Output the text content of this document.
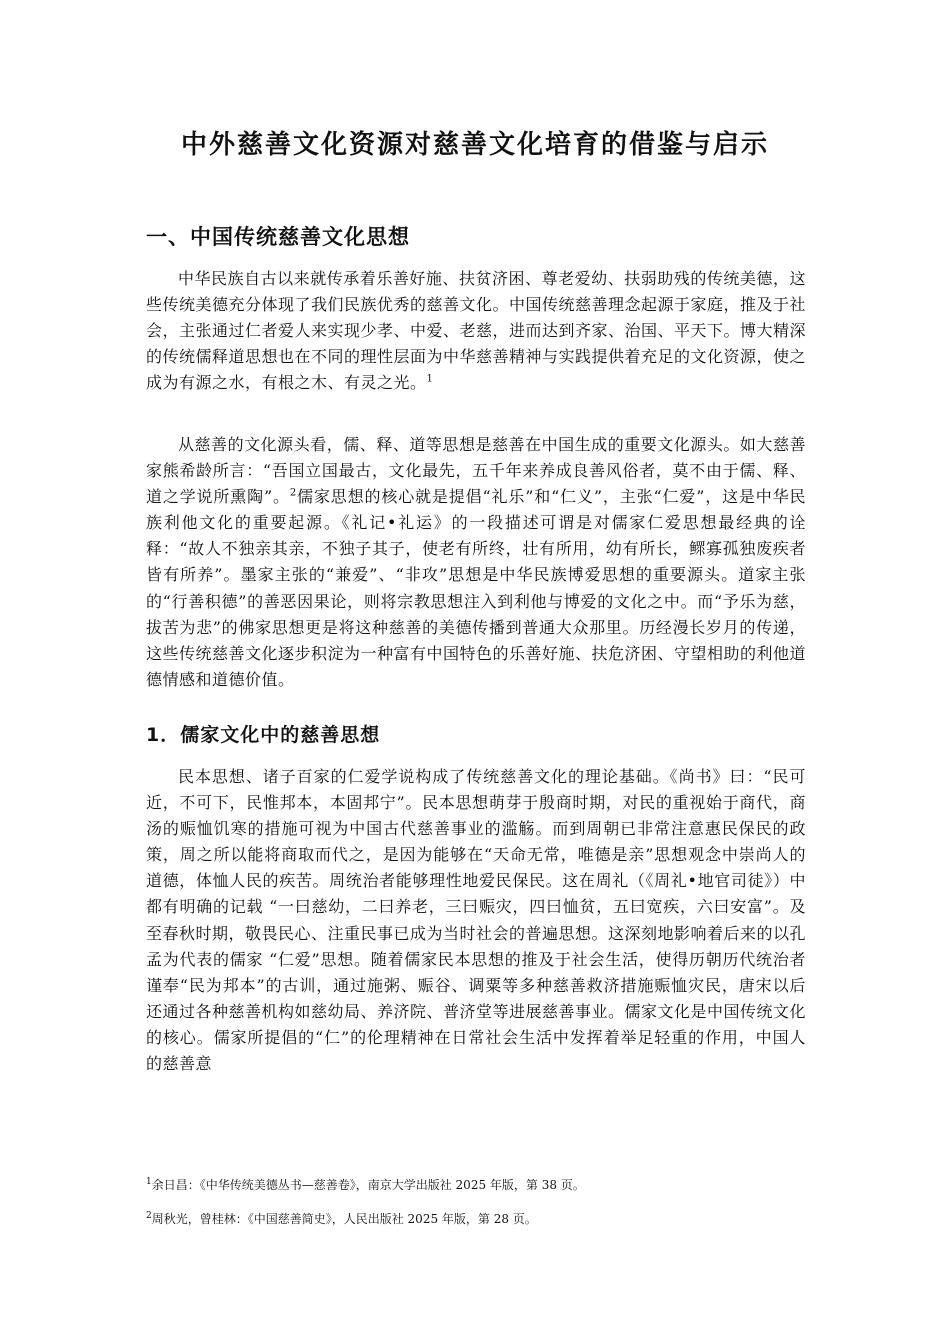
中外慈善文化资源对慈善文化培育的借鉴与启示
一、中国传统慈善文化思想

中华民族自古以来就传承着乐善好施、扶贫济困、尊老爱幼、扶弱助残的传统美德，这些传统美德充分体现了我们民族优秀的慈善文化。中国传统慈善理念起源于家庭，推及于社会，主张通过仁者爱人来实现少孝、中爱、老慈，进而达到齐家、治国、平天下。博大精深的传统儒释道思想也在不同的理性层面为中华慈善精神与实践提供着充足的文化资源，使之成为有源之水，有根之木、有灵之光。$^1$

从慈善的文化源头看，儒、释、道等思想是慈善在中国生成的重要文化源头。如大慈善家熊希龄所言：“吾国立国最古，文化最先，五千年来养成良善风俗者，莫不由于儒、释、道之学说所熏陶”。$^2$儒家思想的核心就是提倡“礼乐”和“仁义”，主张“仁爱”，这是中华民族利他文化的重要起源。《礼记•礼运》的一段描述可谓是对儒家仁爱思想最经典的诠释：“故人不独亲其亲，不独子其子，使老有所终，壮有所用，幼有所长，鳏寡孤独废疾者皆有所养”。墨家主张的“兼爱”、“非攻”思想是中华民族博爱思想的重要源头。道家主张的“行善积德”的善恶因果论，则将宗教思想注入到利他与博爱的文化之中。而“予乐为慈，拔苦为悲”的佛家思想更是将这种慈善的美德传播到普通大众那里。历经漫长岁月的传递，这些传统慈善文化逐步积淀为一种富有中国特色的乐善好施、扶危济困、守望相助的利他道德情感和道德价值。

1．儒家文化中的慈善思想

民本思想、诸子百家的仁爱学说构成了传统慈善文化的理论基础。《尚书》曰：“民可近，不可下，民惟邦本，本固邦宁”。民本思想萌芽于殷商时期，对民的重视始于商代，商汤的赈恤饥寒的措施可视为中国古代慈善事业的滥觞。而到周朝已非常注意惠民保民的政策，周之所以能将商取而代之，是因为能够在“天命无常，唯德是亲”思想观念中崇尚人的道德，体恤人民的疾苦。周统治者能够理性地爱民保民。这在周礼（《周礼•地官司徒》）中都有明确的记载 “一曰慈幼，二曰养老，三曰赈灾，四曰恤贫，五曰宽疾，六曰安富”。及至春秋时期，敬畏民心、注重民事已成为当时社会的普遍思想。这深刻地影响着后来的以孔孟为代表的儒家 “仁爱”思想。随着儒家民本思想的推及于社会生活，使得历朝历代统治者谨奉“民为邦本”的古训，通过施粥、赈谷、调粟等多种慈善救济措施赈恤灾民，唐宋以后还通过各种慈善机构如慈幼局、养济院、普济堂等进展慈善事业。儒家文化是中国传统文化的核心。儒家所提倡的“仁”的伦理精神在日常社会生活中发挥着举足轻重的作用，中国人的慈善意

$^1$余日昌：《中华传统美德丛书—慈善卷》，南京大学出版社 2025 年版，第 38 页。

$^2$周秋光，曾桂林：《中国慈善简史》，人民出版社 2025 年版，第 28 页。
